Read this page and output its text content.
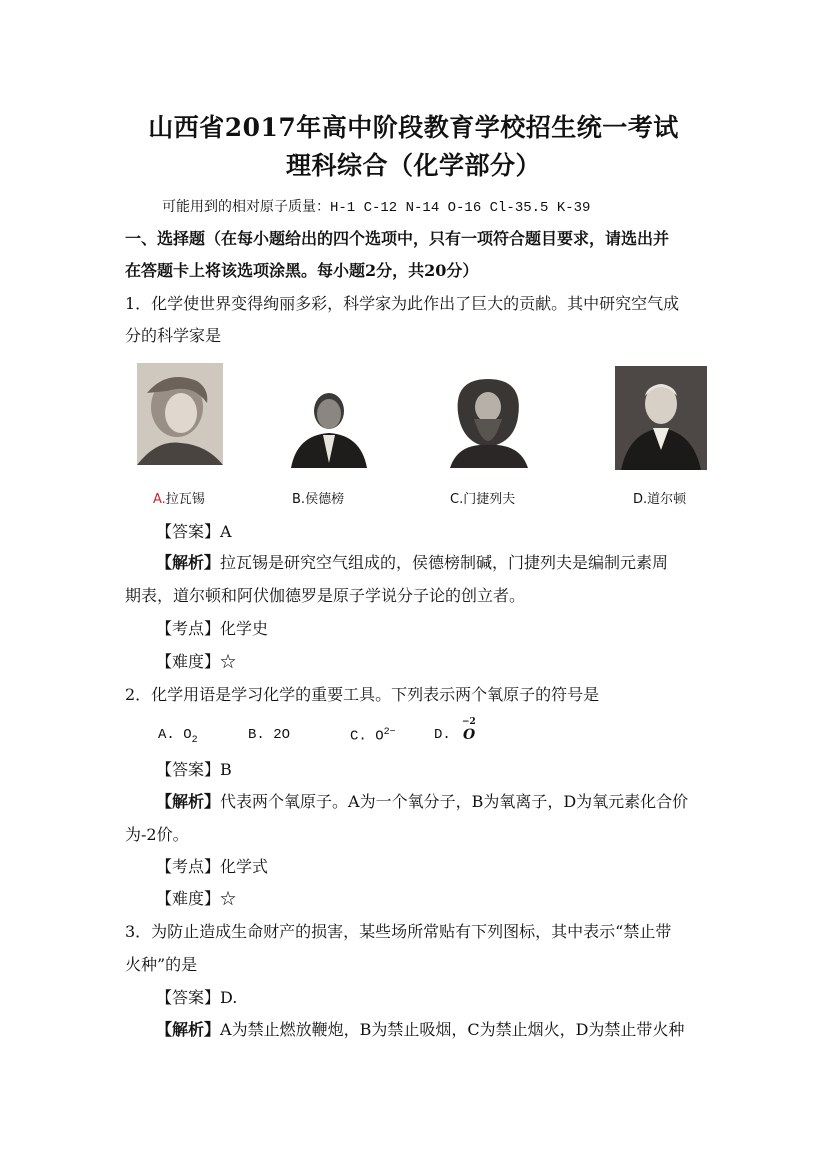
山西省2017年高中阶段教育学校招生统一考试
理科综合（化学部分）
可能用到的相对原子质量：H-1 C-12 N-14 O-16 Cl-35.5 K-39
一、选择题（在每小题给出的四个选项中，只有一项符合题目要求，请选出并
在答题卡上将该选项涂黑。每小题2分，共20分）
1．化学使世界变得绚丽多彩，科学家为此作出了巨大的贡献。其中研究空气成
分的科学家是
A.拉瓦锡	B.侯德榜	C.门捷列夫	D.道尔顿
【答案】A
【解析】拉瓦锡是研究空气组成的，侯德榜制碱，门捷列夫是编制元素周
期表，道尔顿和阿伏伽德罗是原子学说分子论的创立者。
【考点】化学史
【难度】☆
2．化学用语是学习化学的重要工具。下列表示两个氧原子的符号是
A. $O_2$	B. 2O	C. $O^{2-}$	D.
−2
O
【答案】B
【解析】代表两个氧原子。A为一个氧分子，B为氧离子，D为氧元素化合价
为-2价。
【考点】化学式
【难度】☆
3．为防止造成生命财产的损害，某些场所常贴有下列图标，其中表示“禁止带
火种”的是
【答案】D.
【解析】A为禁止燃放鞭炮，B为禁止吸烟，C为禁止烟火，D为禁止带火种
